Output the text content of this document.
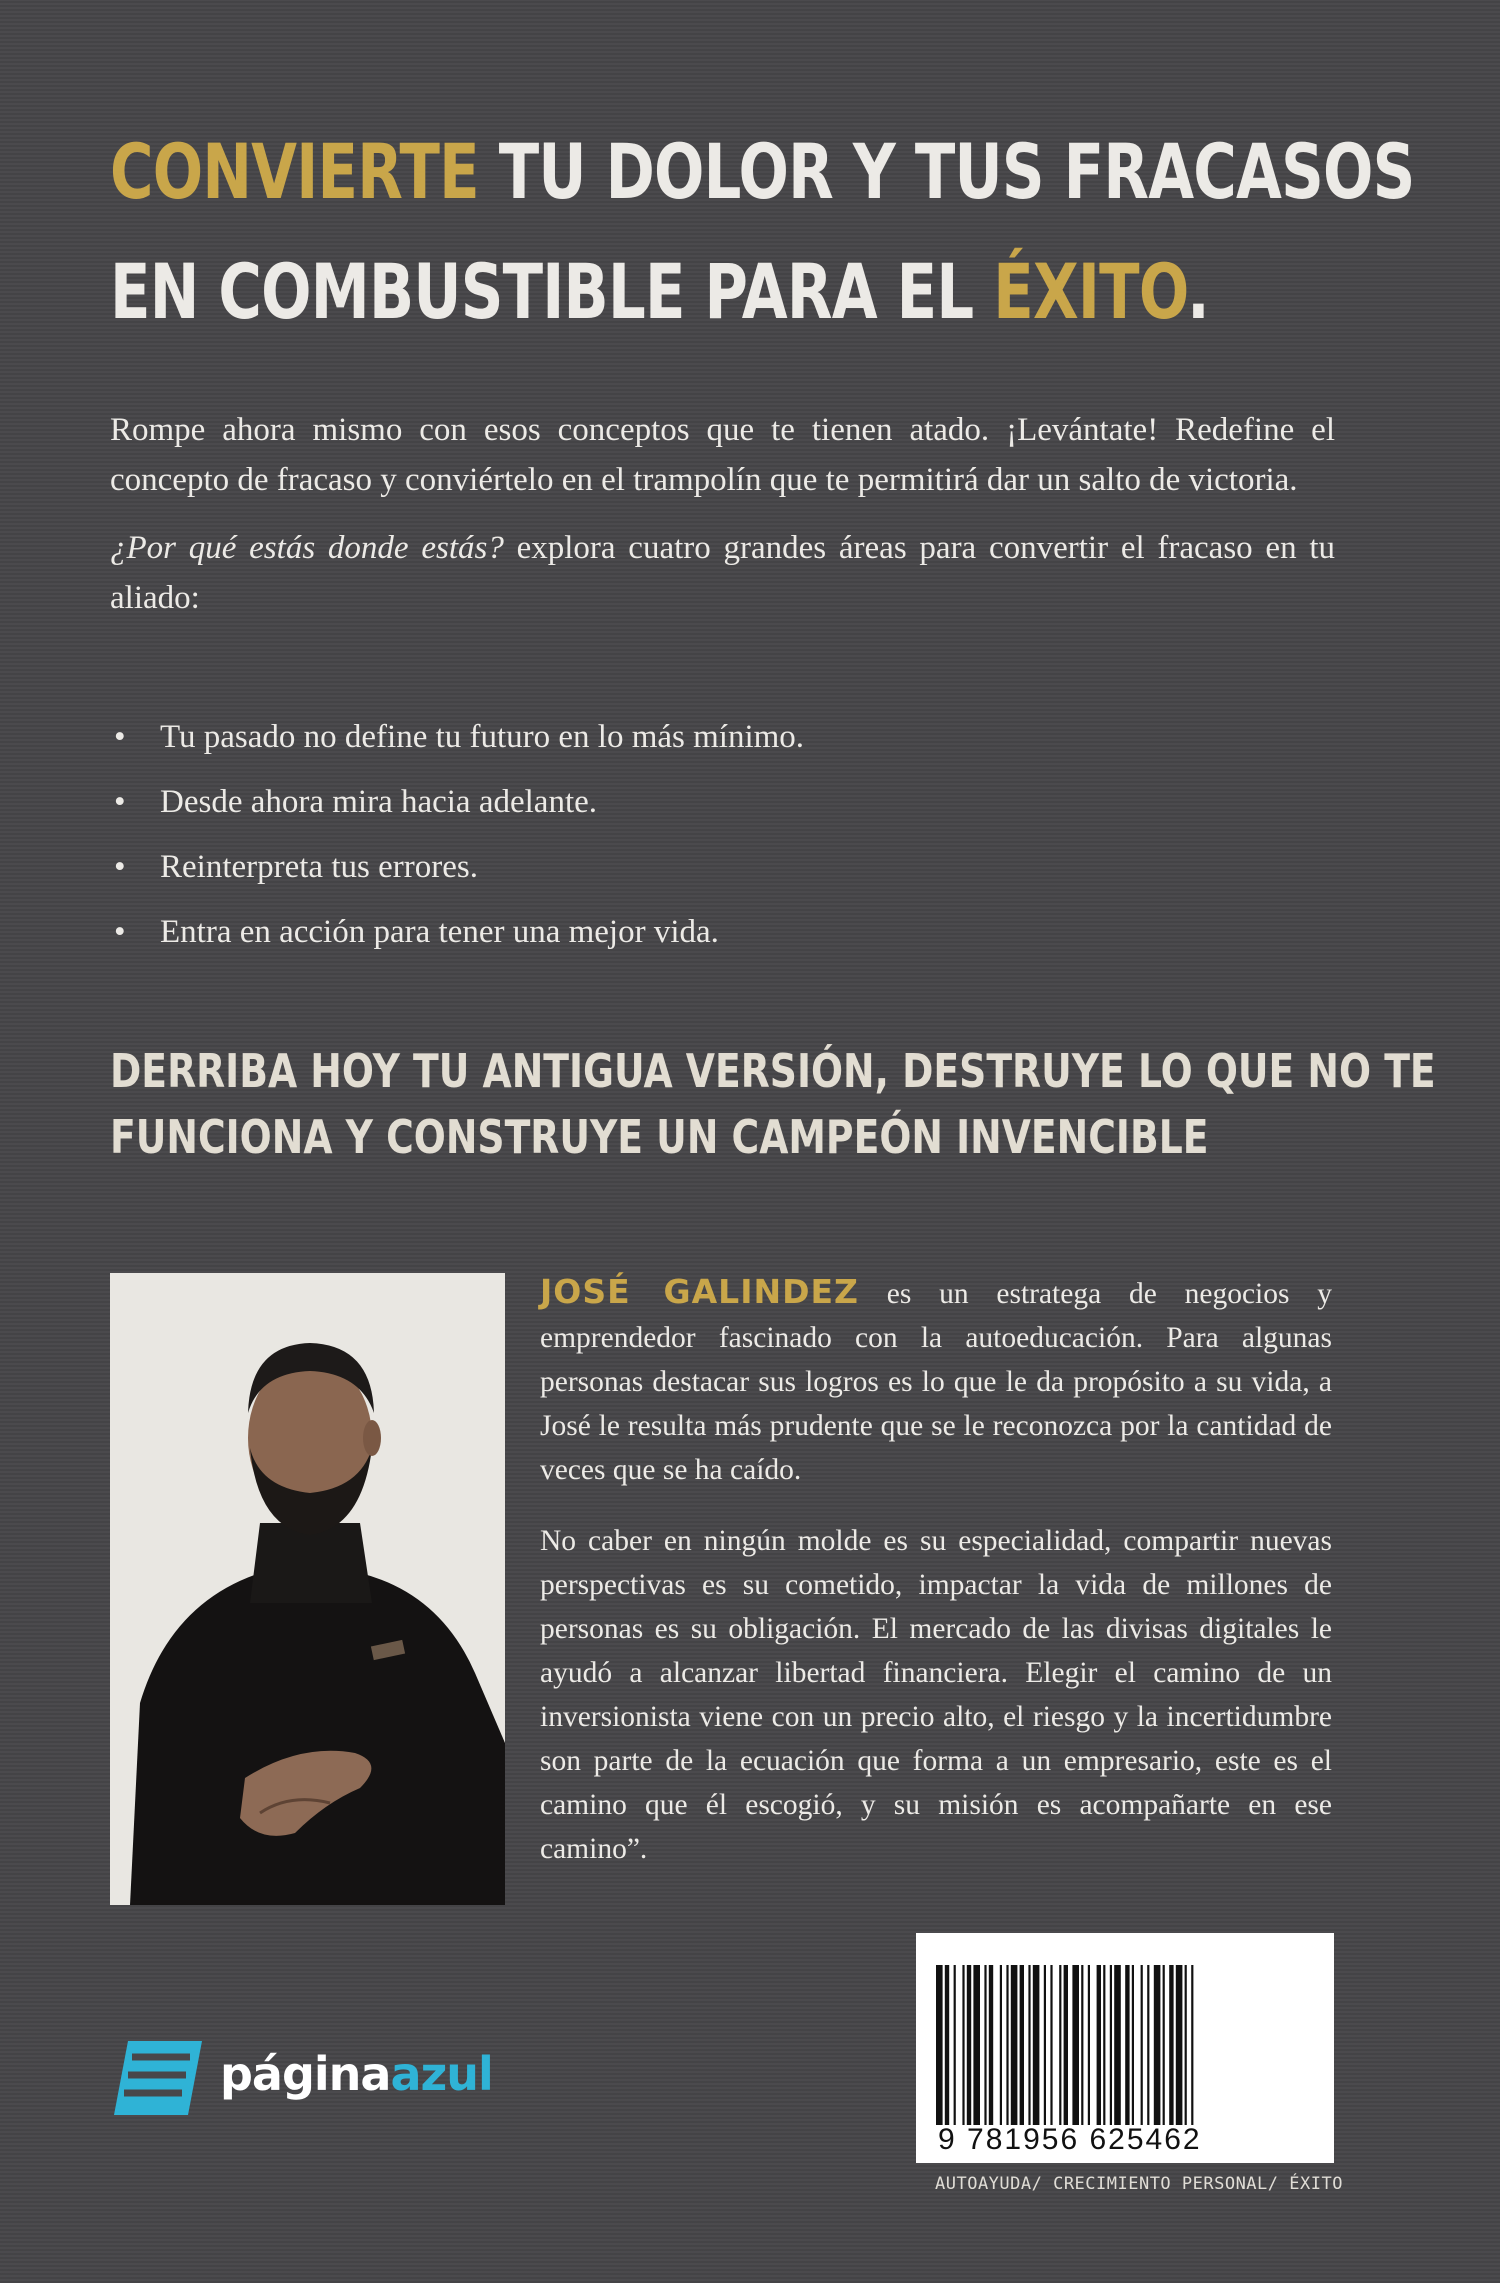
CONVIERTE TU DOLOR Y TUS FRACASOS
EN COMBUSTIBLE PARA EL ÉXITO.

Rompe ahora mismo con esos conceptos que te tienen atado. ¡Levántate! Redefine el concepto de fracaso y conviértelo en el trampolín que te permitirá dar un salto de victoria.

¿Por qué estás donde estás? explora cuatro grandes áreas para convertir el fracaso en tu aliado:

• Tu pasado no define tu futuro en lo más mínimo.
• Desde ahora mira hacia adelante.
• Reinterpreta tus errores.
• Entra en acción para tener una mejor vida.
DERRIBA HOY TU ANTIGUA VERSIÓN, DESTRUYE LO QUE NO TE
FUNCIONA Y CONSTRUYE UN CAMPEÓN INVENCIBLE

JOSÉ GALINDEZ es un estratega de negocios y emprendedor fascinado con la autoeducación. Para algunas personas destacar sus logros es lo que le da propósito a su vida, a José le resulta más prudente que se le reconozca por la cantidad de veces que se ha caído.

No caber en ningún molde es su especialidad, compartir nuevas perspectivas es su cometido, impactar la vida de millones de personas es su obligación. El mercado de las divisas digitales le ayudó a alcanzar libertad financiera. Elegir el camino de un inversionista viene con un precio alto, el riesgo y la incertidumbre son parte de la ecuación que forma a un empresario, este es el camino que él escogió, y su misión es acompañarte en ese camino”.

páginaazul
9 781956 625462
AUTOAYUDA/ CRECIMIENTO PERSONAL/ ÉXITO
